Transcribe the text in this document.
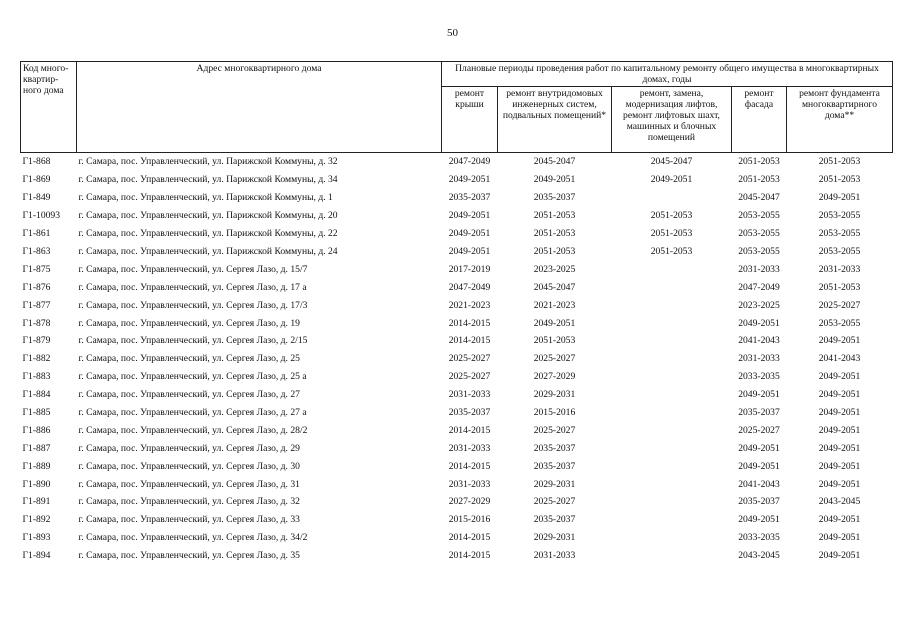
50
Код много-квартир-ного дома	Адрес многоквартирного дома	Плановые периоды проведения работ по капитальному ремонту общего имущества в многоквартирных домах, годы				
		ремонт крыши	ремонт внутридомовых инженерных систем, подвальных помещений*	ремонт, замена, модернизация лифтов, ремонт лифтовых шахт, машинных и блочных помещений	ремонт фасада	ремонт фундамента многоквартирного дома**
Г1-868	г. Самара, пос. Управленческий, ул. Парижской Коммуны, д. 32	2047-2049	2045-2047	2045-2047	2051-2053	2051-2053
Г1-869	г. Самара, пос. Управленческий, ул. Парижской Коммуны, д. 34	2049-2051	2049-2051	2049-2051	2051-2053	2051-2053
Г1-849	г. Самара, пос. Управленческий, ул. Парижской Коммуны, д. 1	2035-2037	2035-2037		2045-2047	2049-2051
Г1-10093	г. Самара, пос. Управленческий, ул. Парижской Коммуны, д. 20	2049-2051	2051-2053	2051-2053	2053-2055	2053-2055
Г1-861	г. Самара, пос. Управленческий, ул. Парижской Коммуны, д. 22	2049-2051	2051-2053	2051-2053	2053-2055	2053-2055
Г1-863	г. Самара, пос. Управленческий, ул. Парижской Коммуны, д. 24	2049-2051	2051-2053	2051-2053	2053-2055	2053-2055
Г1-875	г. Самара, пос. Управленческий, ул. Сергея Лазо, д. 15/7	2017-2019	2023-2025		2031-2033	2031-2033
Г1-876	г. Самара, пос. Управленческий, ул. Сергея Лазо, д. 17 а	2047-2049	2045-2047		2047-2049	2051-2053
Г1-877	г. Самара, пос. Управленческий, ул. Сергея Лазо, д. 17/3	2021-2023	2021-2023		2023-2025	2025-2027
Г1-878	г. Самара, пос. Управленческий, ул. Сергея Лазо, д. 19	2014-2015	2049-2051		2049-2051	2053-2055
Г1-879	г. Самара, пос. Управленческий, ул. Сергея Лазо, д. 2/15	2014-2015	2051-2053		2041-2043	2049-2051
Г1-882	г. Самара, пос. Управленческий, ул. Сергея Лазо, д. 25	2025-2027	2025-2027		2031-2033	2041-2043
Г1-883	г. Самара, пос. Управленческий, ул. Сергея Лазо, д. 25 а	2025-2027	2027-2029		2033-2035	2049-2051
Г1-884	г. Самара, пос. Управленческий, ул. Сергея Лазо, д. 27	2031-2033	2029-2031		2049-2051	2049-2051
Г1-885	г. Самара, пос. Управленческий, ул. Сергея Лазо, д. 27 а	2035-2037	2015-2016		2035-2037	2049-2051
Г1-886	г. Самара, пос. Управленческий, ул. Сергея Лазо, д. 28/2	2014-2015	2025-2027		2025-2027	2049-2051
Г1-887	г. Самара, пос. Управленческий, ул. Сергея Лазо, д. 29	2031-2033	2035-2037		2049-2051	2049-2051
Г1-889	г. Самара, пос. Управленческий, ул. Сергея Лазо, д. 30	2014-2015	2035-2037		2049-2051	2049-2051
Г1-890	г. Самара, пос. Управленческий, ул. Сергея Лазо, д. 31	2031-2033	2029-2031		2041-2043	2049-2051
Г1-891	г. Самара, пос. Управленческий, ул. Сергея Лазо, д. 32	2027-2029	2025-2027		2035-2037	2043-2045
Г1-892	г. Самара, пос. Управленческий, ул. Сергея Лазо, д. 33	2015-2016	2035-2037		2049-2051	2049-2051
Г1-893	г. Самара, пос. Управленческий, ул. Сергея Лазо, д. 34/2	2014-2015	2029-2031		2033-2035	2049-2051
Г1-894	г. Самара, пос. Управленческий, ул. Сергея Лазо, д. 35	2014-2015	2031-2033		2043-2045	2049-2051
